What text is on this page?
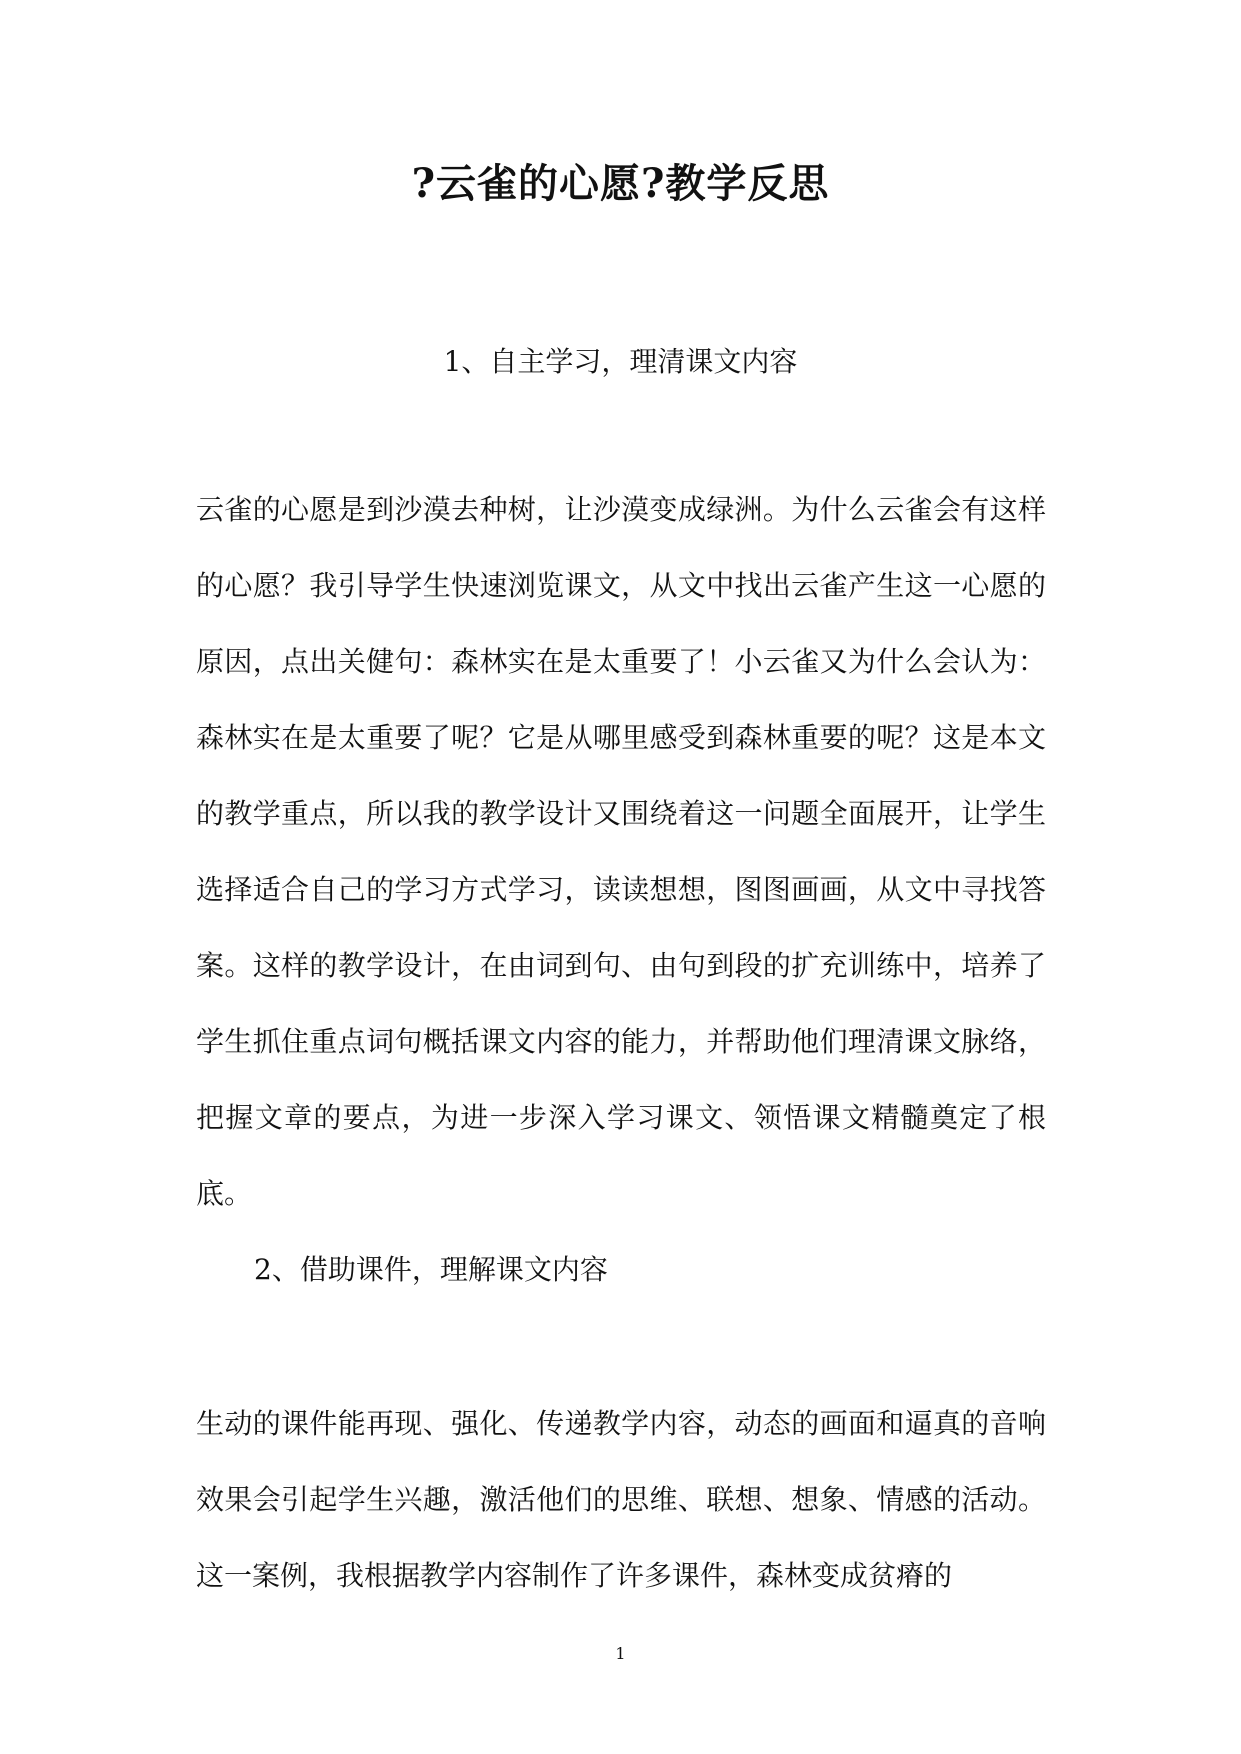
?云雀的心愿?教学反思
1、自主学习，理清课文内容

云雀的心愿是到沙漠去种树，让沙漠变成绿洲。为什么云雀会有这样的心愿？我引导学生快速浏览课文，从文中找出云雀产生这一心愿的原因，点出关健句：森林实在是太重要了！小云雀又为什么会认为：森林实在是太重要了呢？它是从哪里感受到森林重要的呢？这是本文的教学重点，所以我的教学设计又围绕着这一问题全面展开，让学生选择适合自己的学习方式学习，读读想想，图图画画，从文中寻找答案。这样的教学设计，在由词到句、由句到段的扩充训练中，培养了学生抓住重点词句概括课文内容的能力，并帮助他们理清课文脉络，把握文章的要点，为进一步深入学习课文、领悟课文精髓奠定了根底。

2、借助课件，理解课文内容

生动的课件能再现、强化、传递教学内容，动态的画面和逼真的音响效果会引起学生兴趣，激活他们的思维、联想、想象、情感的活动。这一案例，我根据教学内容制作了许多课件，森林变成贫瘠的

1
